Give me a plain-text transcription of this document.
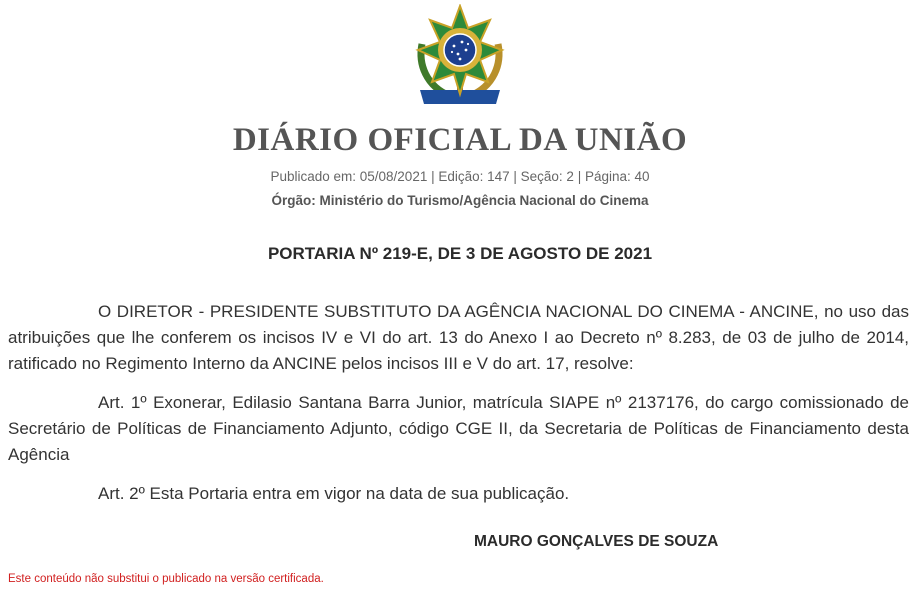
DIÁRIO OFICIAL DA UNIÃO
Publicado em: 05/08/2021 | Edição: 147 | Seção: 2 | Página: 40
Órgão: Ministério do Turismo/Agência Nacional do Cinema
PORTARIA Nº 219-E, DE 3 DE AGOSTO DE 2021
O DIRETOR - PRESIDENTE SUBSTITUTO DA AGÊNCIA NACIONAL DO CINEMA - ANCINE, no uso das atribuições que lhe conferem os incisos IV e VI do art. 13 do Anexo I ao Decreto nº 8.283, de 03 de julho de 2014, ratificado no Regimento Interno da ANCINE pelos incisos III e V do art. 17, resolve:
Art. 1º Exonerar, Edilasio Santana Barra Junior, matrícula SIAPE nº 2137176, do cargo comissionado de Secretário de Políticas de Financiamento Adjunto, código CGE II, da Secretaria de Políticas de Financiamento desta Agência
Art. 2º Esta Portaria entra em vigor na data de sua publicação.
MAURO GONÇALVES DE SOUZA
Este conteúdo não substitui o publicado na versão certificada.
